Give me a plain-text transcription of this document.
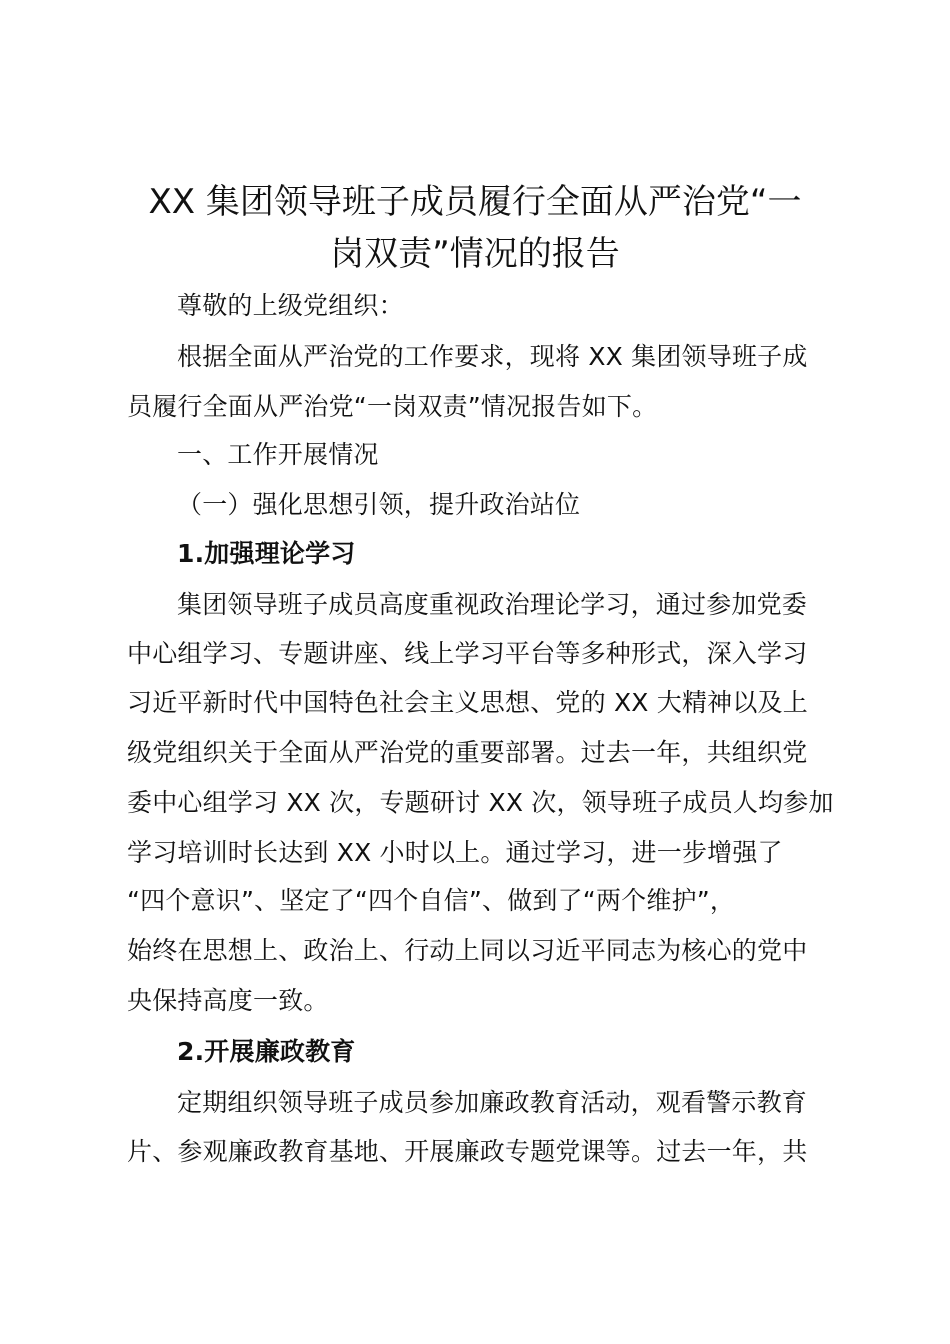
XX 集团领导班子成员履行全面从严治党“一
岗双责”情况的报告
尊敬的上级党组织：
根据全面从严治党的工作要求，现将 XX 集团领导班子成
员履行全面从严治党“一岗双责”情况报告如下。
一、工作开展情况
（一）强化思想引领，提升政治站位
1.加强理论学习
集团领导班子成员高度重视政治理论学习，通过参加党委
中心组学习、专题讲座、线上学习平台等多种形式，深入学习
习近平新时代中国特色社会主义思想、党的 XX 大精神以及上
级党组织关于全面从严治党的重要部署。过去一年，共组织党
委中心组学习 XX 次，专题研讨 XX 次，领导班子成员人均参加
学习培训时长达到 XX 小时以上。通过学习，进一步增强了
“四个意识”、坚定了“四个自信”、做到了“两个维护”，
始终在思想上、政治上、行动上同以习近平同志为核心的党中
央保持高度一致。
2.开展廉政教育
定期组织领导班子成员参加廉政教育活动，观看警示教育
片、参观廉政教育基地、开展廉政专题党课等。过去一年，共
